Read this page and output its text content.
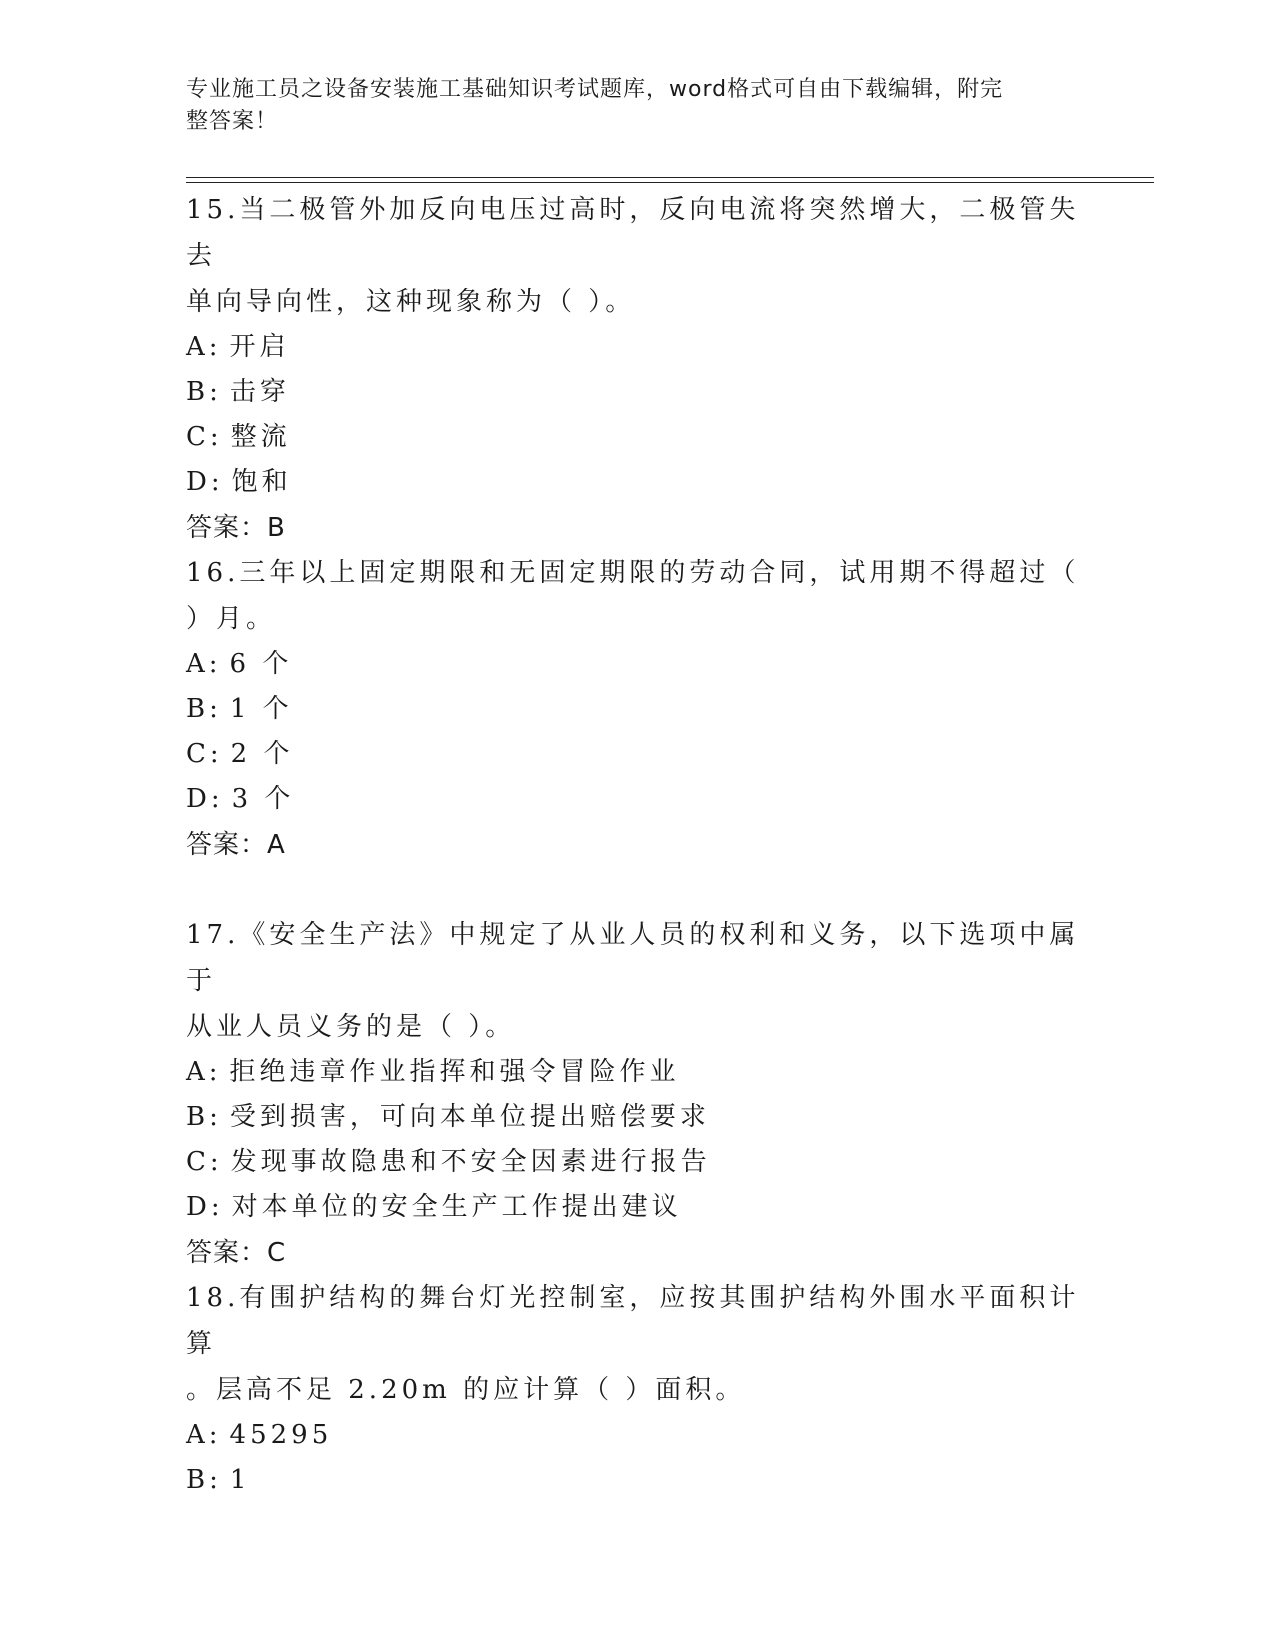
专业施工员之设备安装施工基础知识考试题库，word格式可自由下载编辑，附完
整答案！
15.当二极管外加反向电压过高时，反向电流将突然增大，二极管失去
单向导向性，这种现象称为（ ）。
A: 开启
B: 击穿
C: 整流
D: 饱和
答案：B
16.三年以上固定期限和无固定期限的劳动合同，试用期不得超过（
）月。
A: 6 个
B: 1 个
C: 2 个
D: 3 个
答案：A
17.《安全生产法》中规定了从业人员的权利和义务，以下选项中属于
从业人员义务的是（ ）。
A: 拒绝违章作业指挥和强令冒险作业
B: 受到损害，可向本单位提出赔偿要求
C: 发现事故隐患和不安全因素进行报告
D: 对本单位的安全生产工作提出建议
答案：C
18.有围护结构的舞台灯光控制室，应按其围护结构外围水平面积计算
。层高不足 2.20m 的应计算（ ）面积。
A: 45295
B: 1
